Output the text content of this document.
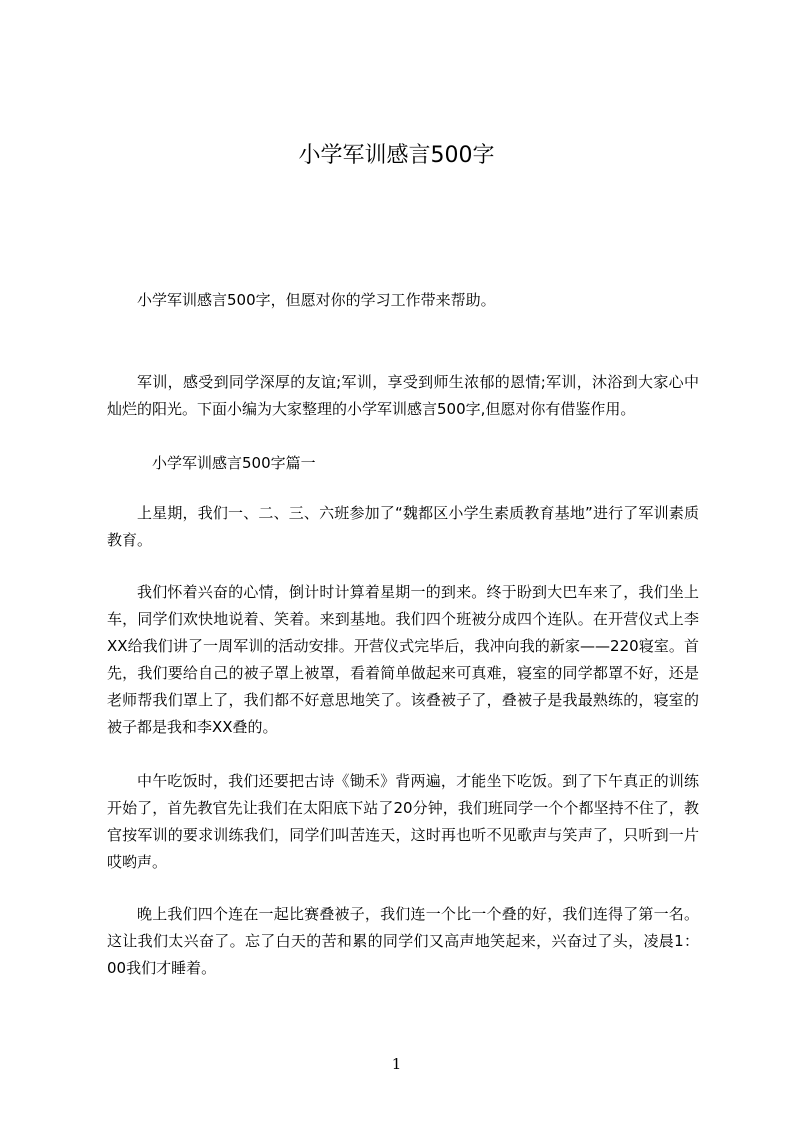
小学军训感言500字
小学军训感言500字，但愿对你的学习工作带来帮助。
军训，感受到同学深厚的友谊;军训，享受到师生浓郁的恩情;军训，沐浴到大家心中灿烂的阳光。下面小编为大家整理的小学军训感言500字,但愿对你有借鉴作用。
小学军训感言500字篇一
上星期，我们一、二、三、六班参加了“魏都区小学生素质教育基地”进行了军训素质教育。
我们怀着兴奋的心情，倒计时计算着星期一的到来。终于盼到大巴车来了，我们坐上车，同学们欢快地说着、笑着。来到基地。我们四个班被分成四个连队。在开营仪式上李XX给我们讲了一周军训的活动安排。开营仪式完毕后，我冲向我的新家——220寝室。首先，我们要给自己的被子罩上被罩，看着简单做起来可真难，寝室的同学都罩不好，还是老师帮我们罩上了，我们都不好意思地笑了。该叠被子了，叠被子是我最熟练的，寝室的被子都是我和李XX叠的。
中午吃饭时，我们还要把古诗《锄禾》背两遍，才能坐下吃饭。到了下午真正的训练开始了，首先教官先让我们在太阳底下站了20分钟，我们班同学一个个都坚持不住了，教官按军训的要求训练我们，同学们叫苦连天，这时再也听不见歌声与笑声了，只听到一片哎哟声。
晚上我们四个连在一起比赛叠被子，我们连一个比一个叠的好，我们连得了第一名。这让我们太兴奋了。忘了白天的苦和累的同学们又高声地笑起来，兴奋过了头，凌晨1：00我们才睡着。
1
